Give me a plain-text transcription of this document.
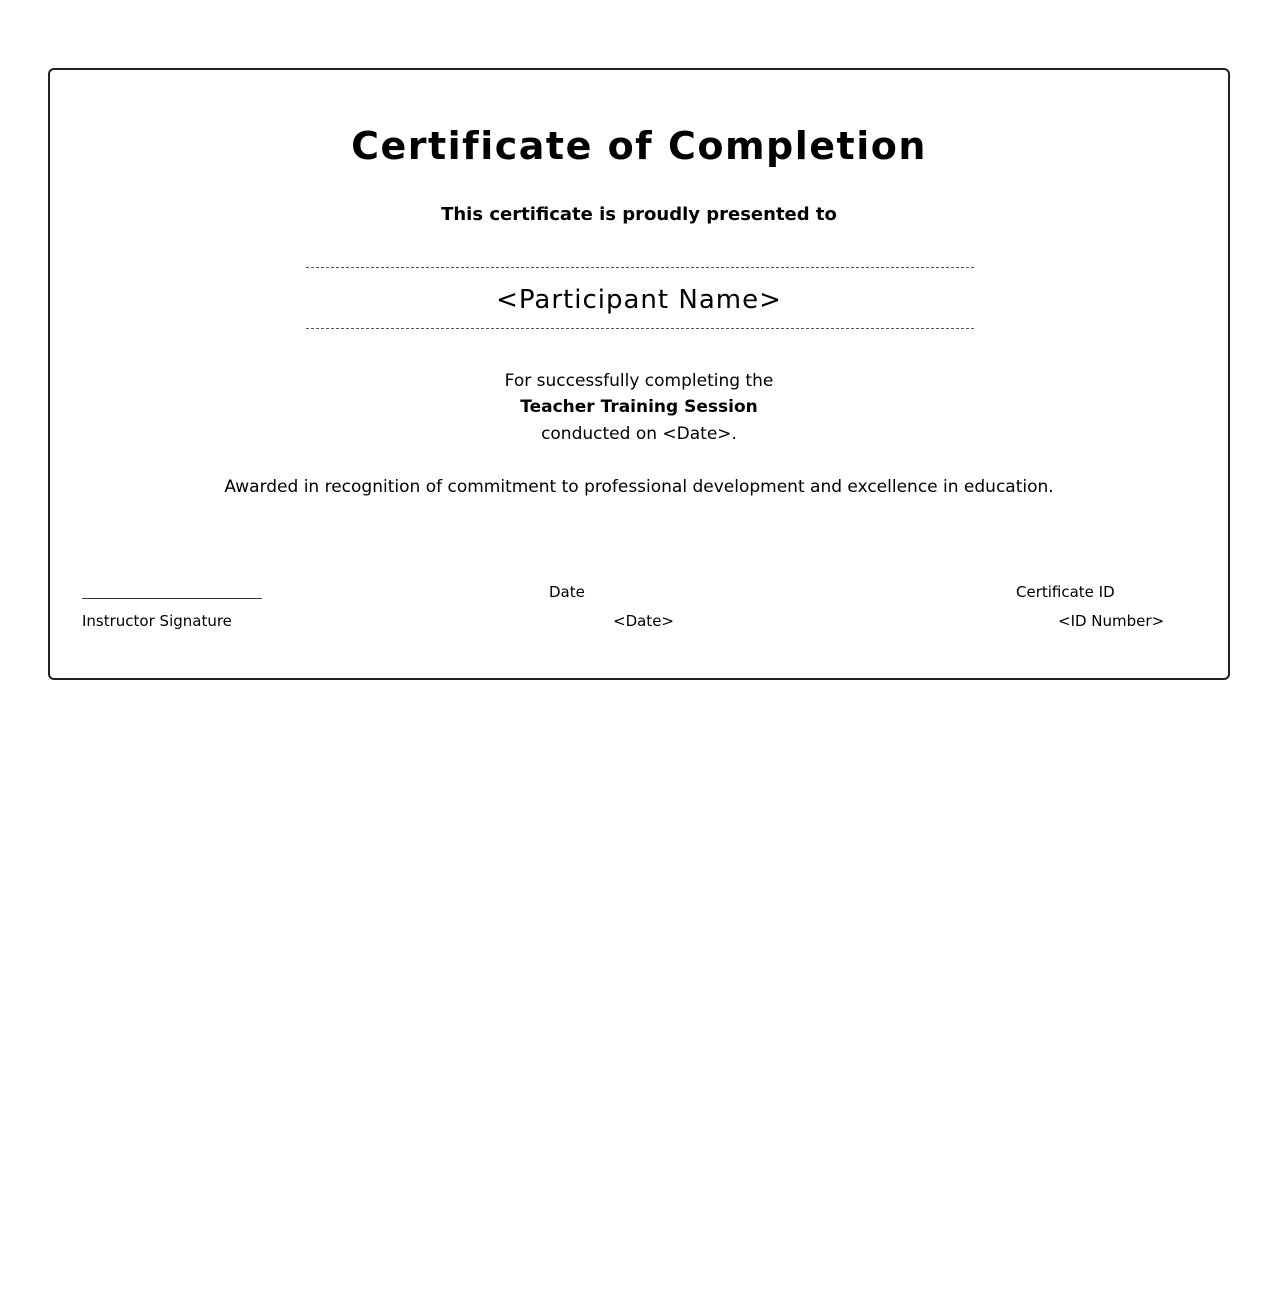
Certificate of Completion
This certificate is proudly presented to
<Participant Name>
For successfully completing the
Teacher Training Session
conducted on <Date>.
Awarded in recognition of commitment to professional development and excellence in education.
Instructor Signature
Date
<Date>
Certificate ID
<ID Number>
